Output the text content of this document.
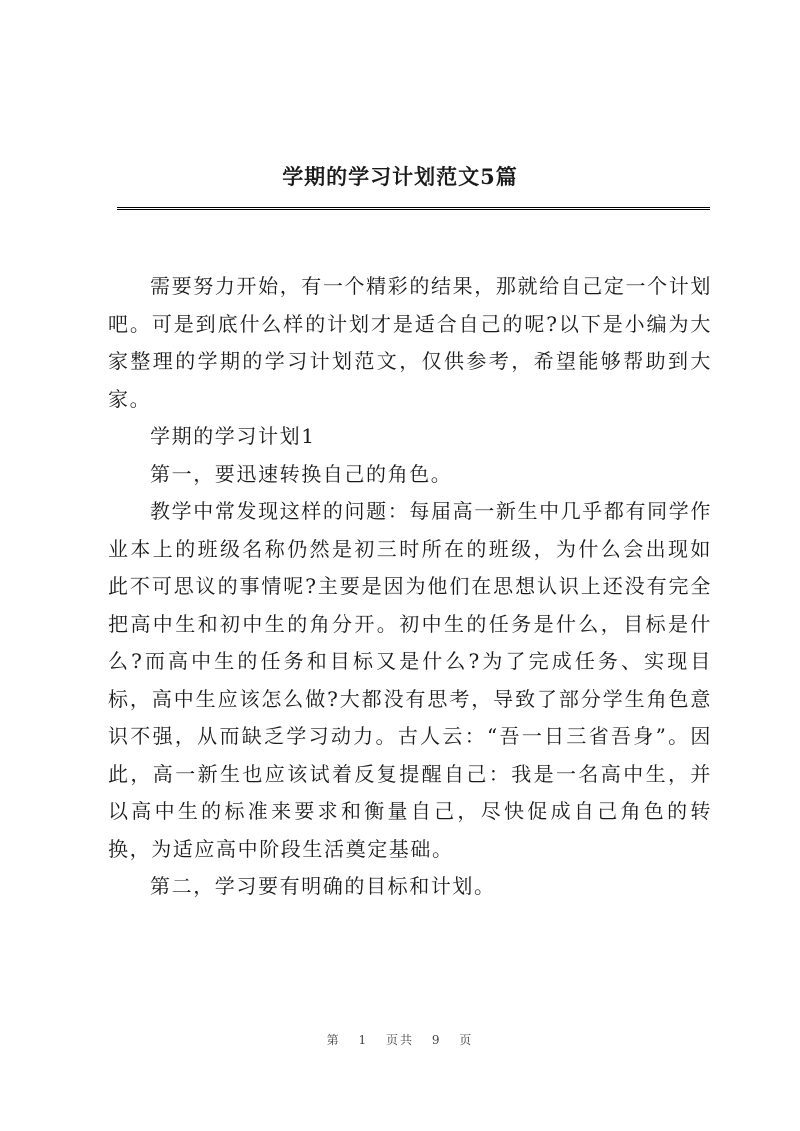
学期的学习计划范文5篇

需要努力开始，有一个精彩的结果，那就给自己定一个计划吧。可是到底什么样的计划才是适合自己的呢?以下是小编为大家整理的学期的学习计划范文，仅供参考，希望能够帮助到大家。

学期的学习计划1

第一，要迅速转换自己的角色。

教学中常发现这样的问题：每届高一新生中几乎都有同学作业本上的班级名称仍然是初三时所在的班级，为什么会出现如此不可思议的事情呢?主要是因为他们在思想认识上还没有完全把高中生和初中生的角分开。初中生的任务是什么，目标是什么?而高中生的任务和目标又是什么?为了完成任务、实现目标，高中生应该怎么做?大都没有思考，导致了部分学生角色意识不强，从而缺乏学习动力。古人云：“吾一日三省吾身”。因此，高一新生也应该试着反复提醒自己：我是一名高中生，并以高中生的标准来要求和衡量自己，尽快促成自己角色的转换，为适应高中阶段生活奠定基础。

第二，学习要有明确的目标和计划。

第 1 页共 9 页
